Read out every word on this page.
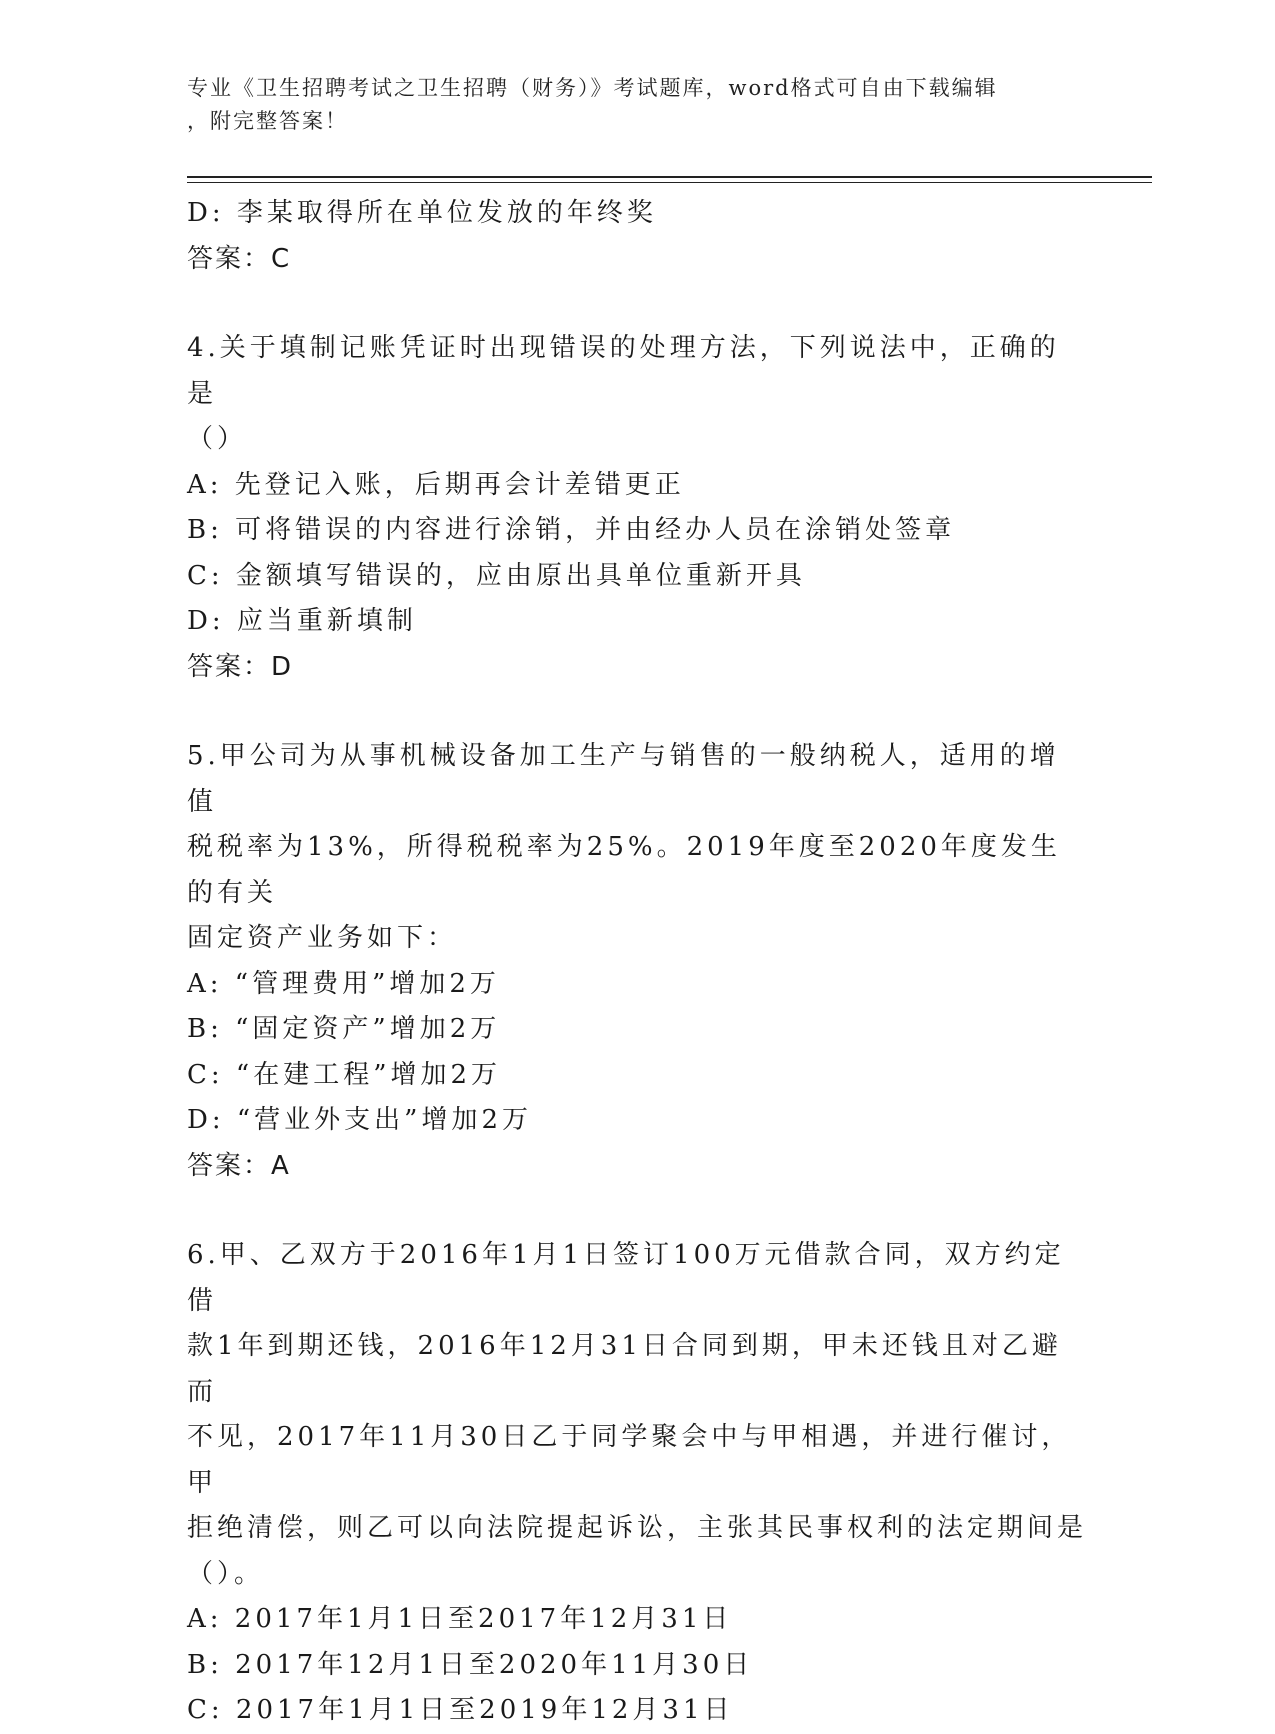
专业《卫生招聘考试之卫生招聘（财务）》考试题库，word格式可自由下载编辑
，附完整答案！

D: 李某取得所在单位发放的年终奖

答案：C

4.关于填制记账凭证时出现错误的处理方法，下列说法中，正确的是

（）

A: 先登记入账，后期再会计差错更正

B: 可将错误的内容进行涂销，并由经办人员在涂销处签章

C: 金额填写错误的，应由原出具单位重新开具

D: 应当重新填制

答案：D

5.甲公司为从事机械设备加工生产与销售的一般纳税人，适用的增值

税税率为13%，所得税税率为25%。2019年度至2020年度发生的有关

固定资产业务如下：

A: “管理费用”增加2万

B: “固定资产”增加2万

C: “在建工程”增加2万

D: “营业外支出”增加2万

答案：A

6.甲、乙双方于2016年1月1日签订100万元借款合同，双方约定借

款1年到期还钱，2016年12月31日合同到期，甲未还钱且对乙避而

不见，2017年11月30日乙于同学聚会中与甲相遇，并进行催讨，甲

拒绝清偿，则乙可以向法院提起诉讼，主张其民事权利的法定期间是

（）。

A: 2017年1月1日至2017年12月31日

B: 2017年12月1日至2020年11月30日

C: 2017年1月1日至2019年12月31日
